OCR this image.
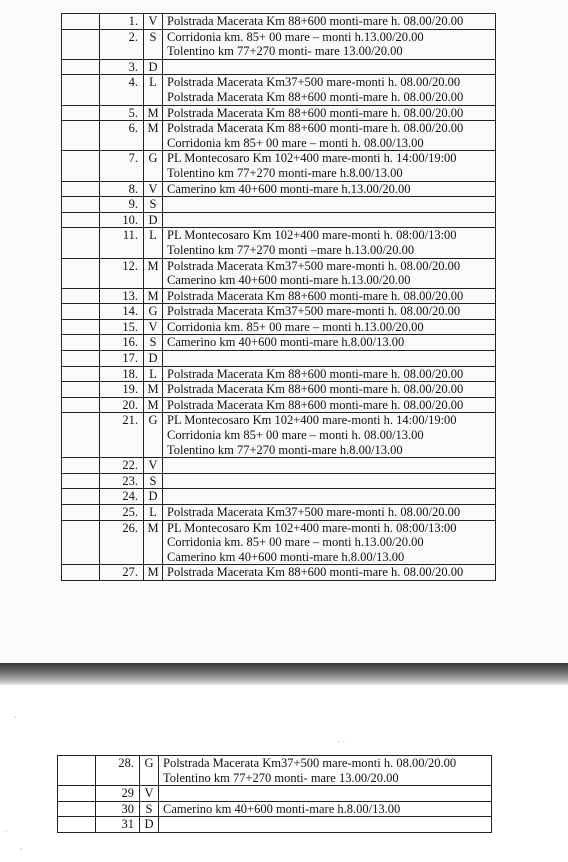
	1.	V	Polstrada Macerata Km 88+600 monti-mare h. 08.00/20.00

	2.	S	Corridonia km. 85+ 00 mare – monti h.13.00/20.00
Tolentino km 77+270 monti- mare 13.00/20.00

	3.	D	

	4.	L	Polstrada Macerata Km37+500 mare-monti h. 08.00/20.00
Polstrada Macerata Km 88+600 monti-mare h. 08.00/20.00

	5.	M	Polstrada Macerata Km 88+600 monti-mare h. 08.00/20.00

	6.	M	Polstrada Macerata Km 88+600 monti-mare h. 08.00/20.00
Corridonia km 85+ 00 mare – monti h. 08.00/13.00

	7.	G	PL Montecosaro Km 102+400 mare-monti h. 14:00/19:00
Tolentino km 77+270 monti-mare h.8.00/13.00

	8.	V	Camerino km 40+600 monti-mare h.13.00/20.00

	9.	S	

	10.	D	

	11.	L	PL Montecosaro Km 102+400 mare-monti h. 08:00/13:00
Tolentino km 77+270 monti –mare h.13.00/20.00

	12.	M	Polstrada Macerata Km37+500 mare-monti h. 08.00/20.00
Camerino km 40+600 monti-mare h.13.00/20.00

	13.	M	Polstrada Macerata Km 88+600 monti-mare h. 08.00/20.00

	14.	G	Polstrada Macerata Km37+500 mare-monti h. 08.00/20.00

	15.	V	Corridonia km. 85+ 00 mare – monti h.13.00/20.00

	16.	S	Camerino km 40+600 monti-mare h.8.00/13.00

	17.	D	

	18.	L	Polstrada Macerata Km 88+600 monti-mare h. 08.00/20.00

	19.	M	Polstrada Macerata Km 88+600 monti-mare h. 08.00/20.00

	20.	M	Polstrada Macerata Km 88+600 monti-mare h. 08.00/20.00

	21.	G	PL Montecosaro Km 102+400 mare-monti h. 14:00/19:00
Corridonia km 85+ 00 mare – monti h. 08.00/13.00
Tolentino km 77+270 monti-mare h.8.00/13.00

	22.	V	

	23.	S	

	24.	D	

	25.	L	Polstrada Macerata Km37+500 mare-monti h. 08.00/20.00

	26.	M	PL Montecosaro Km 102+400 mare-monti h. 08:00/13:00
Corridonia km. 85+ 00 mare – monti h.13.00/20.00
Camerino km 40+600 monti-mare h.8.00/13.00

	27.	M	Polstrada Macerata Km 88+600 monti-mare h. 08.00/20.00
	28.	G	Polstrada Macerata Km37+500 mare-monti h. 08.00/20.00
Tolentino km 77+270 monti- mare 13.00/20.00

	29	V	

	30	S	Camerino km 40+600 monti-mare h.8.00/13.00

	31	D	

·
· ·
·
,
